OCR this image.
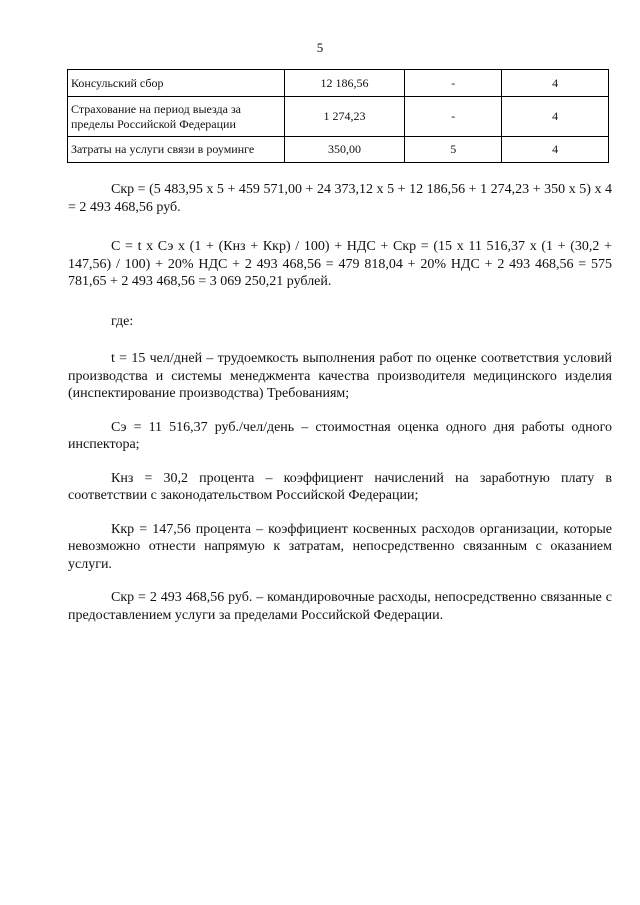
5
Консульский сбор	12 186,56	-	4
Страхование на период выезда за пределы Российской Федерации	1 274,23	-	4
Затраты на услуги связи в роуминге	350,00	5	4

Скр = (5 483,95 х 5 + 459 571,00 + 24 373,12 х 5 + 12 186,56 + 1 274,23 + 350 х 5) х 4 = 2 493 468,56 руб.

С = t х Сэ х (1 + (Кнз + Ккр) / 100) + НДС + Скр = (15 х 11 516,37 х (1 + (30,2 + 147,56) / 100) + 20% НДС + 2 493 468,56 = 479 818,04 + 20% НДС + 2 493 468,56 = 575 781,65 + 2 493 468,56 = 3 069 250,21 рублей.

где:

t = 15 чел/дней – трудоемкость выполнения работ по оценке соответствия условий производства и системы менеджмента качества производителя медицинского изделия (инспектирование производства) Требованиям;

Сэ = 11 516,37 руб./чел/день – стоимостная оценка одного дня работы одного инспектора;

Кнз = 30,2 процента – коэффициент начислений на заработную плату в соответствии с законодательством Российской Федерации;

Ккр = 147,56 процента – коэффициент косвенных расходов организации, которые невозможно отнести напрямую к затратам, непосредственно связанным с оказанием услуги.

Скр = 2 493 468,56 руб. – командировочные расходы, непосредственно связанные с предоставлением услуги за пределами Российской Федерации.
